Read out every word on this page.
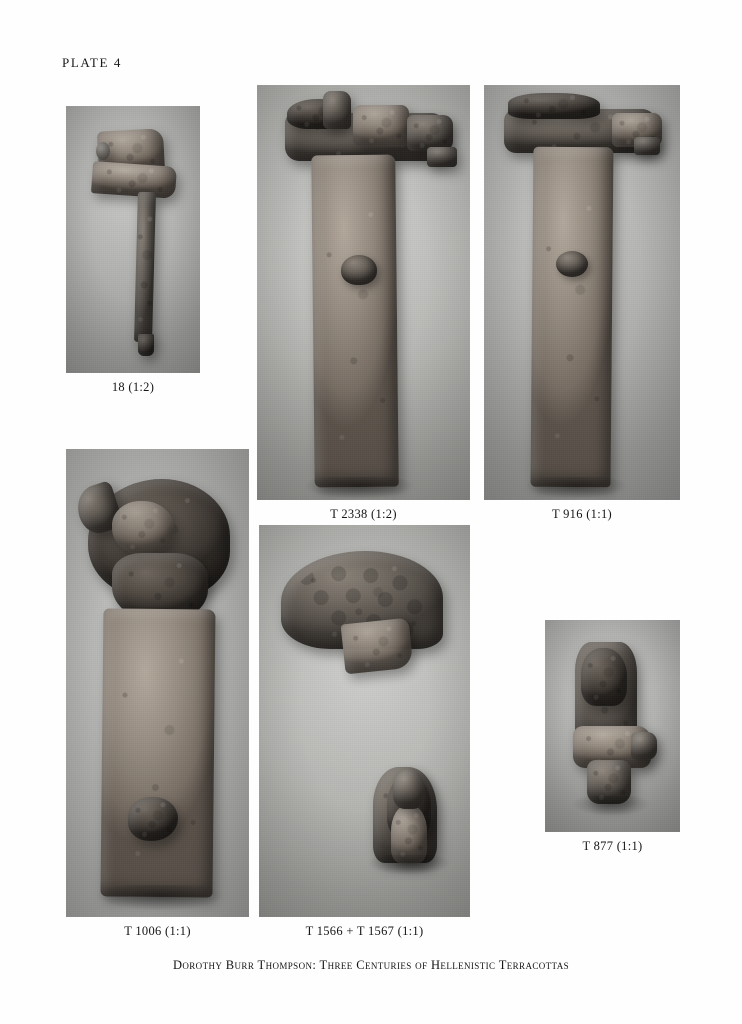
PLATE 4
18 (1:2)
T 2338 (1:2)	T 916 (1:1)
T 1006 (1:1)	T 1566 + T 1567 (1:1)
T 877 (1:1)
Dorothy Burr Thompson: Three Centuries of Hellenistic Terracottas
